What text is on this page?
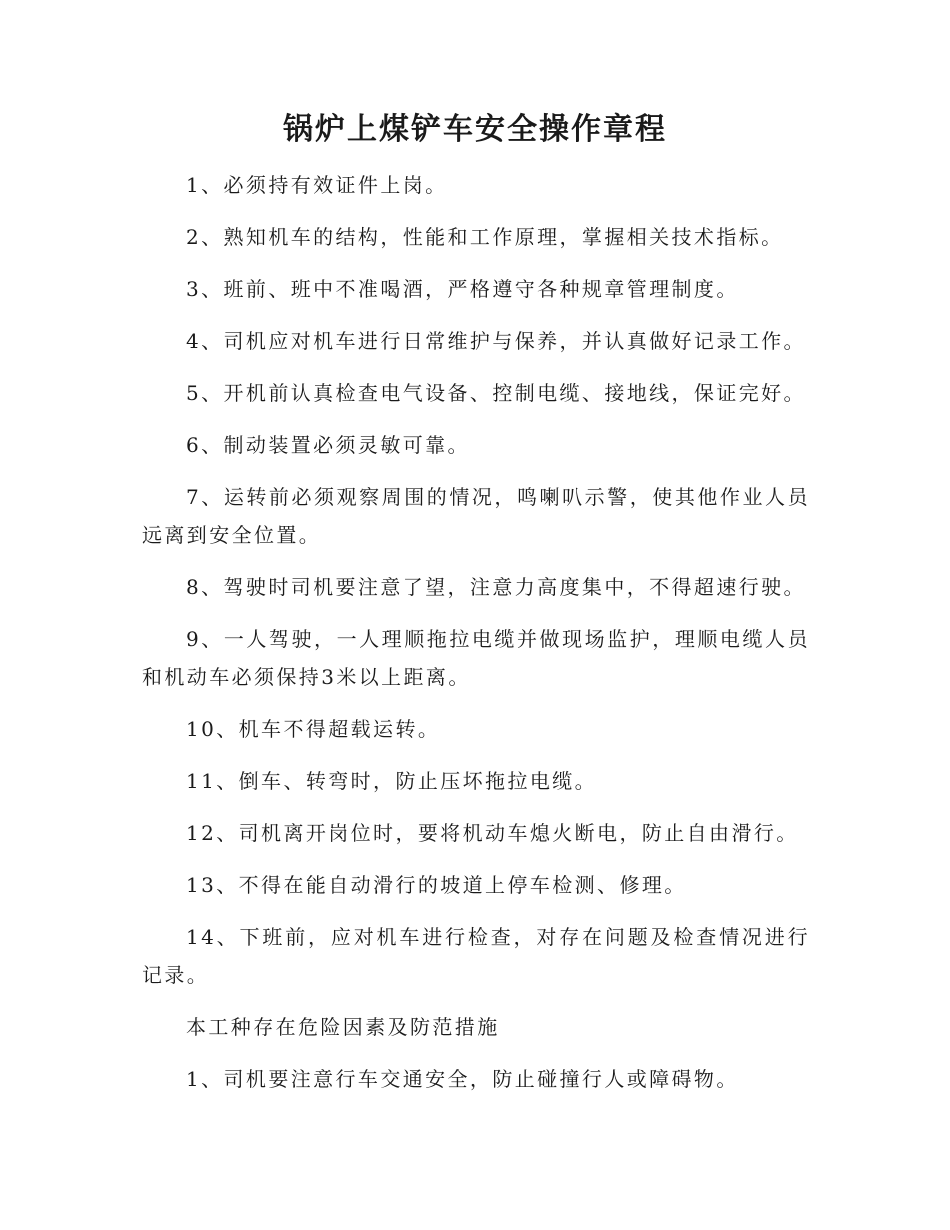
锅炉上煤铲车安全操作章程

1、必须持有效证件上岗。

2、熟知机车的结构，性能和工作原理，掌握相关技术指标。

3、班前、班中不准喝酒，严格遵守各种规章管理制度。

4、司机应对机车进行日常维护与保养，并认真做好记录工作。

5、开机前认真检查电气设备、控制电缆、接地线，保证完好。

6、制动装置必须灵敏可靠。

7、运转前必须观察周围的情况，鸣喇叭示警，使其他作业人员远离到安全位置。

8、驾驶时司机要注意了望，注意力高度集中，不得超速行驶。

9、一人驾驶，一人理顺拖拉电缆并做现场监护，理顺电缆人员和机动车必须保持3米以上距离。

10、机车不得超载运转。

11、倒车、转弯时，防止压坏拖拉电缆。

12、司机离开岗位时，要将机动车熄火断电，防止自由滑行。

13、不得在能自动滑行的坡道上停车检测、修理。

14、下班前，应对机车进行检查，对存在问题及检查情况进行记录。

本工种存在危险因素及防范措施

1、司机要注意行车交通安全，防止碰撞行人或障碍物。
